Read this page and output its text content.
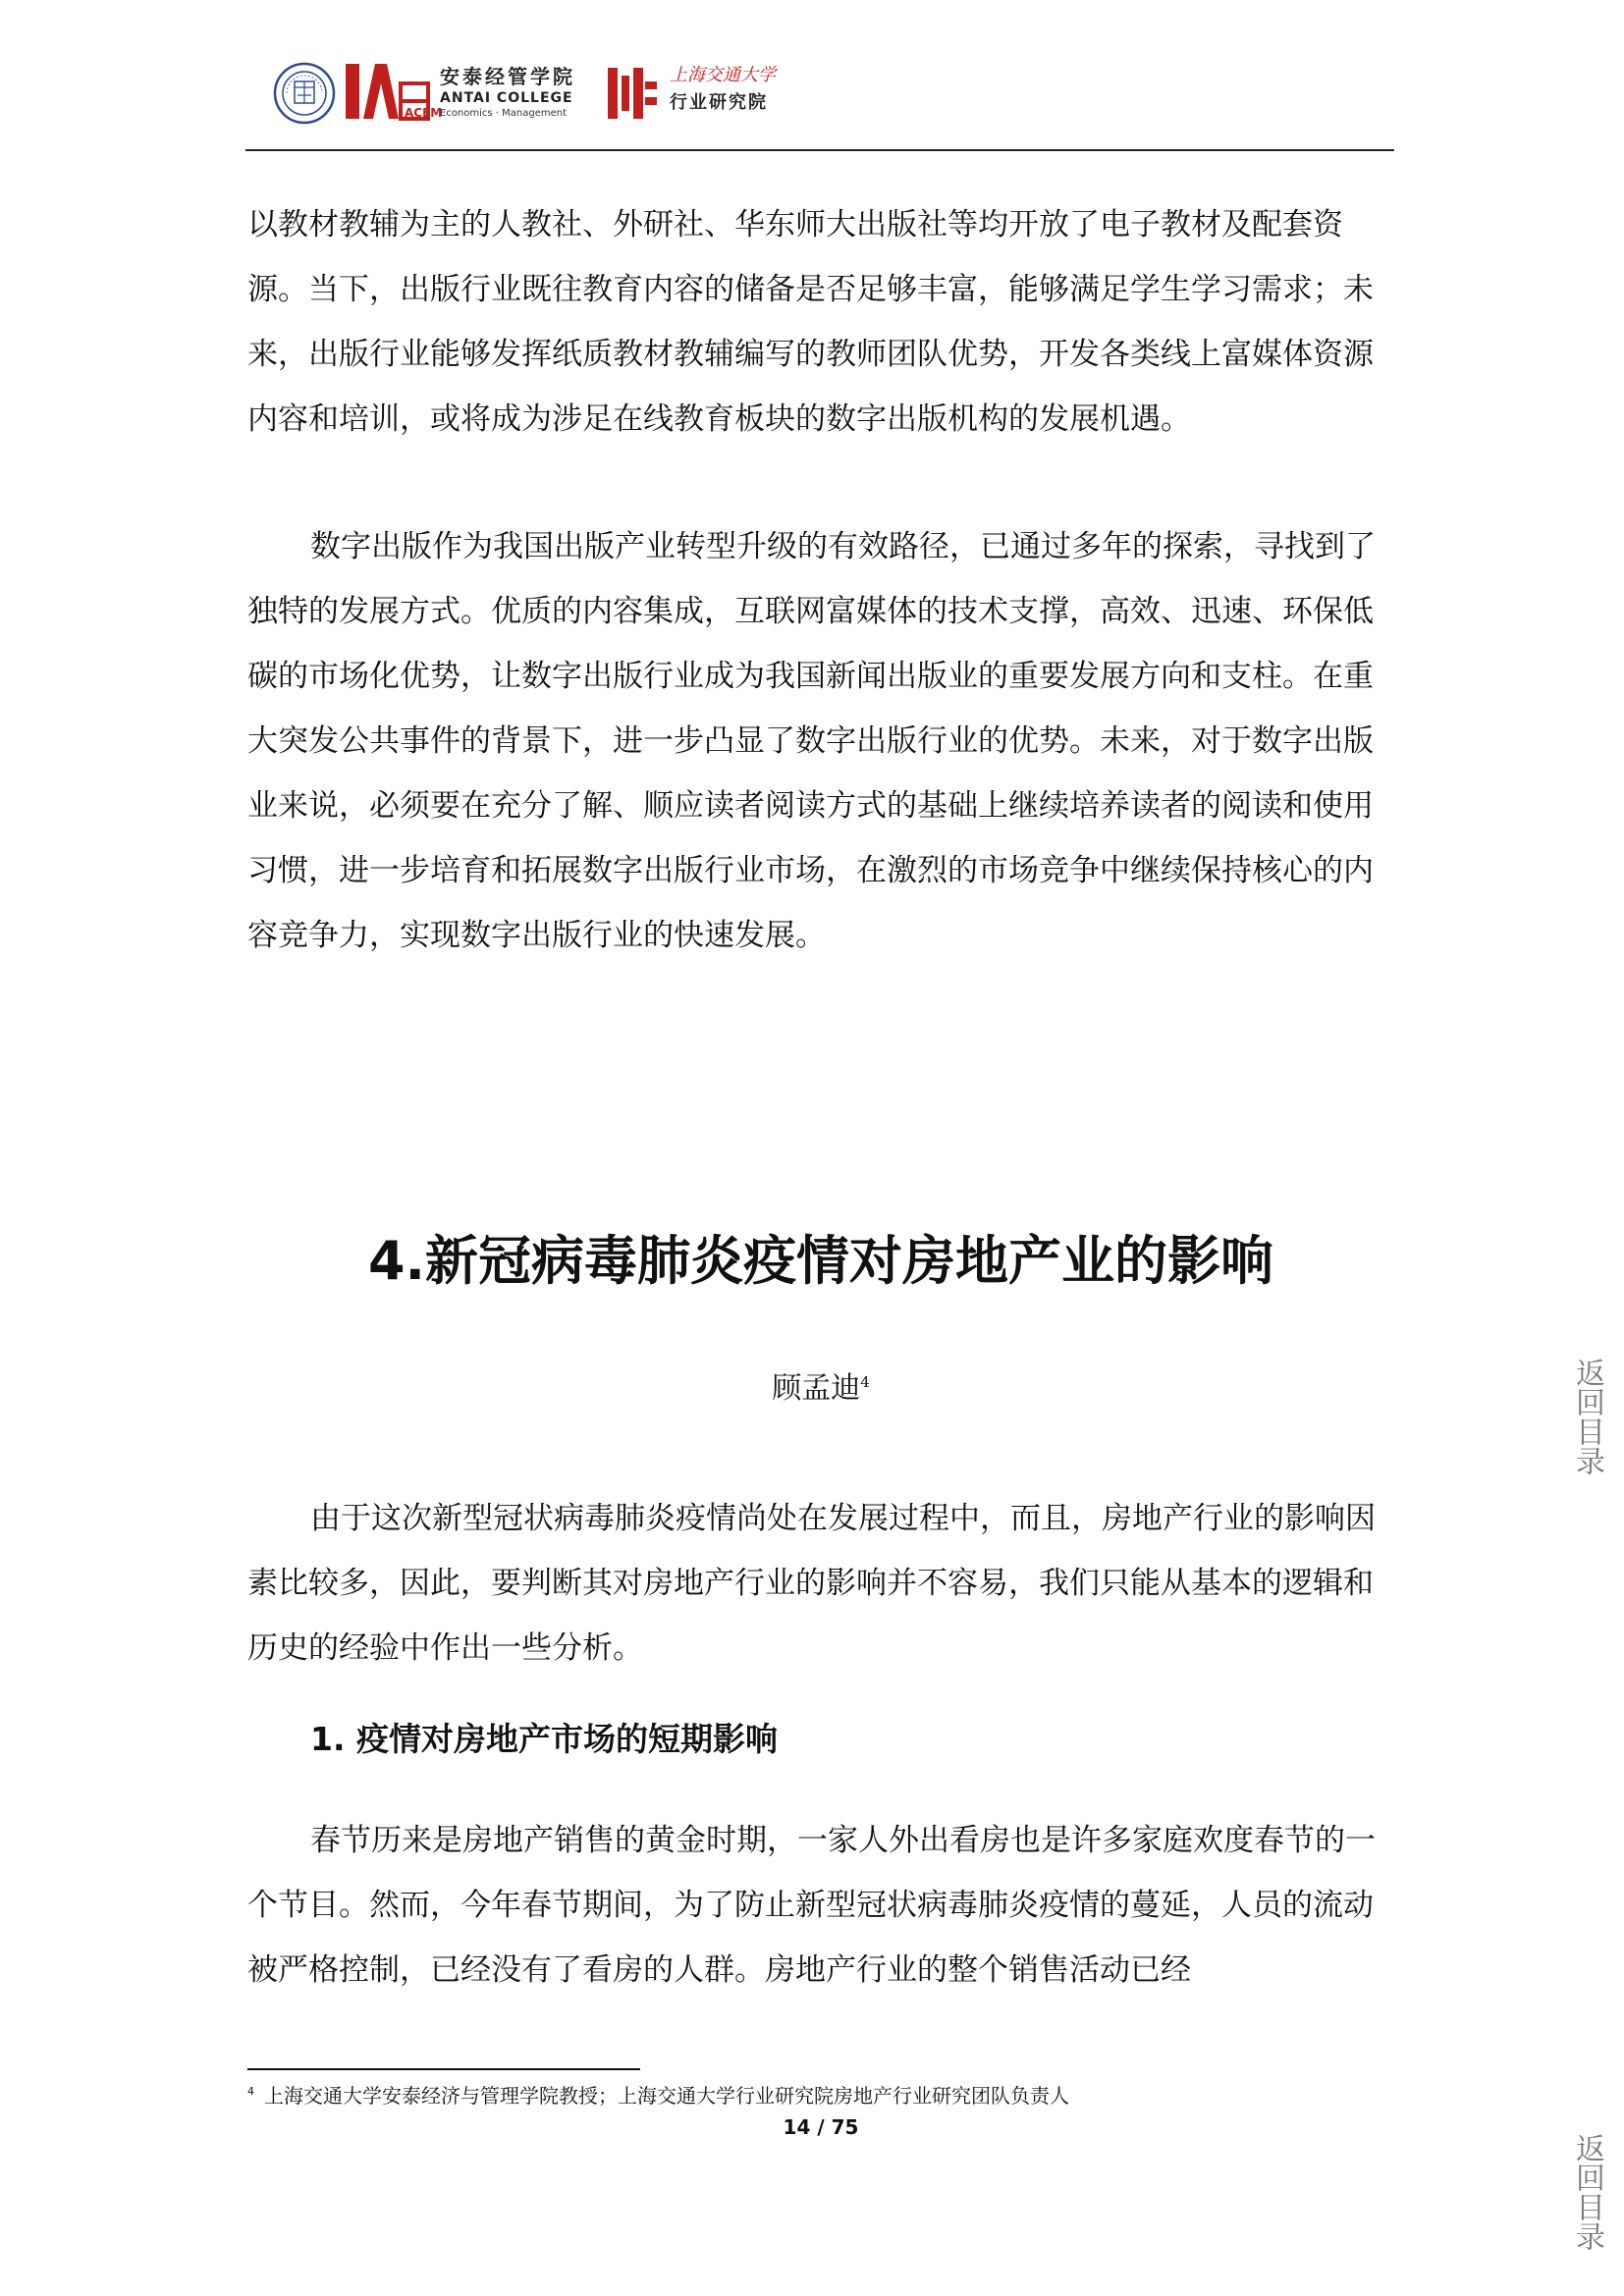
ACEM
安泰经管学院
ANTAI COLLEGE
Economics · Management
上海交通大学
行业研究院

以教材教辅为主的人教社、外研社、华东师大出版社等均开放了电子教材及配套资源。当下，出版行业既往教育内容的储备是否足够丰富，能够满足学生学习需求；未来，出版行业能够发挥纸质教材教辅编写的教师团队优势，开发各类线上富媒体资源内容和培训，或将成为涉足在线教育板块的数字出版机构的发展机遇。

数字出版作为我国出版产业转型升级的有效路径，已通过多年的探索，寻找到了独特的发展方式。优质的内容集成，互联网富媒体的技术支撑，高效、迅速、环保低碳的市场化优势，让数字出版行业成为我国新闻出版业的重要发展方向和支柱。在重大突发公共事件的背景下，进一步凸显了数字出版行业的优势。未来，对于数字出版业来说，必须要在充分了解、顺应读者阅读方式的基础上继续培养读者的阅读和使用习惯，进一步培育和拓展数字出版行业市场，在激烈的市场竞争中继续保持核心的内容竞争力，实现数字出版行业的快速发展。

4.新冠病毒肺炎疫情对房地产业的影响
顾孟迪$^4$

由于这次新型冠状病毒肺炎疫情尚处在发展过程中，而且，房地产行业的影响因素比较多，因此，要判断其对房地产行业的影响并不容易，我们只能从基本的逻辑和历史的经验中作出一些分析。

1. 疫情对房地产市场的短期影响

春节历来是房地产销售的黄金时期，一家人外出看房也是许多家庭欢度春节的一个节目。然而，今年春节期间，为了防止新型冠状病毒肺炎疫情的蔓延，人员的流动被严格控制，已经没有了看房的人群。房地产行业的整个销售活动已经

$^4$ 上海交通大学安泰经济与管理学院教授；上海交通大学行业研究院房地产行业研究团队负责人
14 / 75
返回目录
返回目录
